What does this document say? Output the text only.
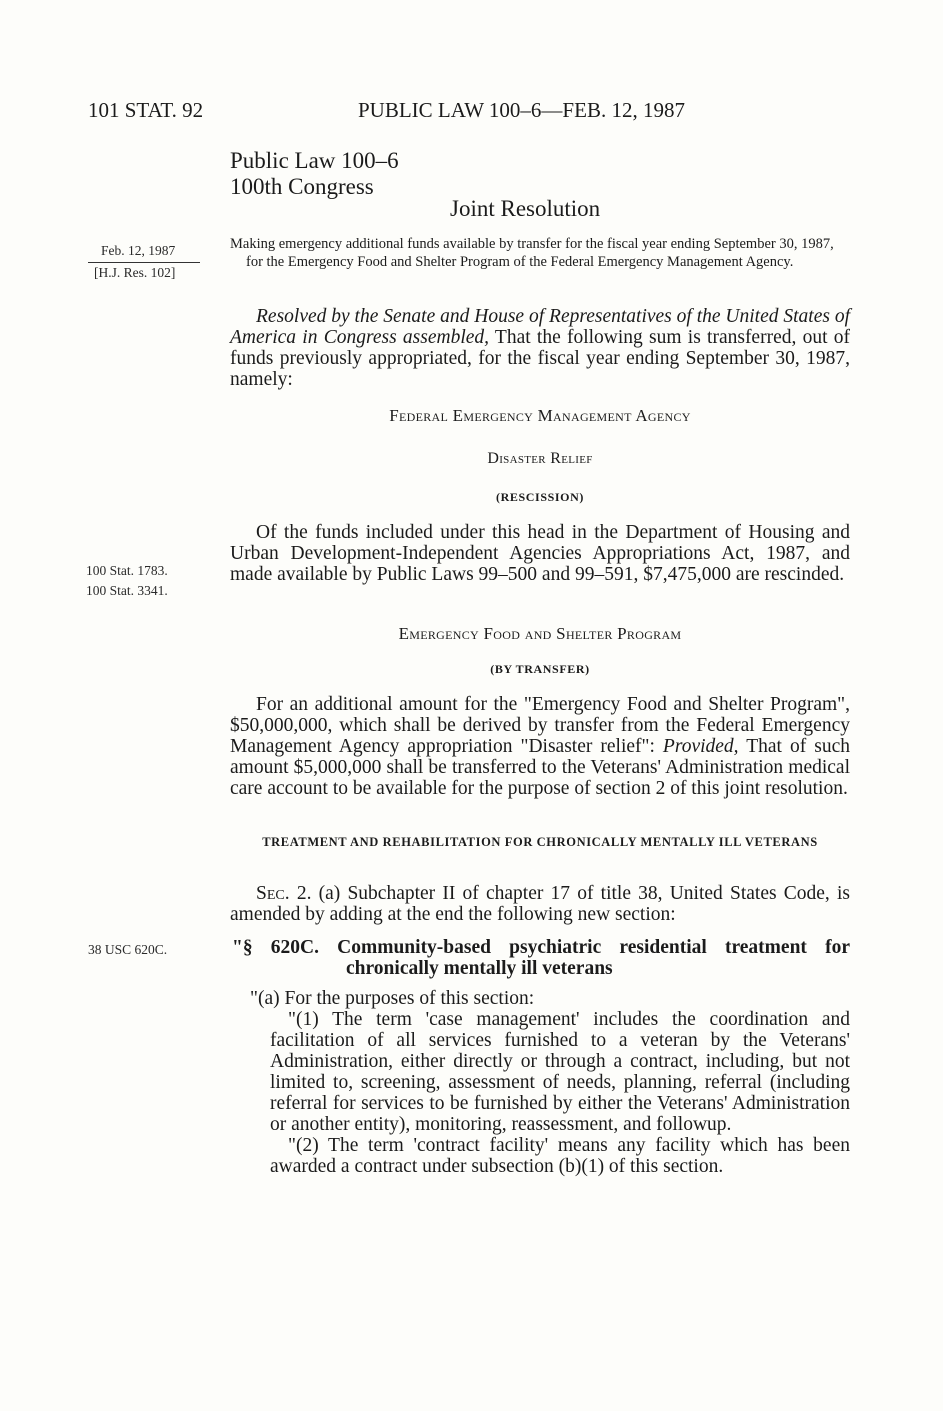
101 STAT. 92	PUBLIC LAW 100–6—FEB. 12, 1987
Public Law 100–6
100th Congress
Joint Resolution
Feb. 12, 1987
[H.J. Res. 102]
Making emergency additional funds available by transfer for the fiscal year ending September 30, 1987, for the Emergency Food and Shelter Program of the Federal Emergency Management Agency.
Resolved by the Senate and House of Representatives of the United States of America in Congress assembled, That the following sum is transferred, out of funds previously appropriated, for the fiscal year ending September 30, 1987, namely:
Federal Emergency Management Agency
Disaster Relief
(RESCISSION)
Of the funds included under this head in the Department of Housing and Urban Development-Independent Agencies Appropriations Act, 1987, and made available by Public Laws 99–500 and 99–591, $7,475,000 are rescinded.
100 Stat. 1783.
100 Stat. 3341.
Emergency Food and Shelter Program
(BY TRANSFER)
For an additional amount for the "Emergency Food and Shelter Program", $50,000,000, which shall be derived by transfer from the Federal Emergency Management Agency appropriation "Disaster relief": Provided, That of such amount $5,000,000 shall be transferred to the Veterans' Administration medical care account to be available for the purpose of section 2 of this joint resolution.
TREATMENT AND REHABILITATION FOR CHRONICALLY MENTALLY ILL VETERANS
Sec. 2. (a) Subchapter II of chapter 17 of title 38, United States Code, is amended by adding at the end the following new section:
38 USC 620C.	"§ 620C. Community-based psychiatric residential treatment for chronically mentally ill veterans
"(a) For the purposes of this section:
"(1) The term 'case management' includes the coordination and facilitation of all services furnished to a veteran by the Veterans' Administration, either directly or through a contract, including, but not limited to, screening, assessment of needs, planning, referral (including referral for services to be furnished by either the Veterans' Administration or another entity), monitoring, reassessment, and followup.
"(2) The term 'contract facility' means any facility which has been awarded a contract under subsection (b)(1) of this section.
